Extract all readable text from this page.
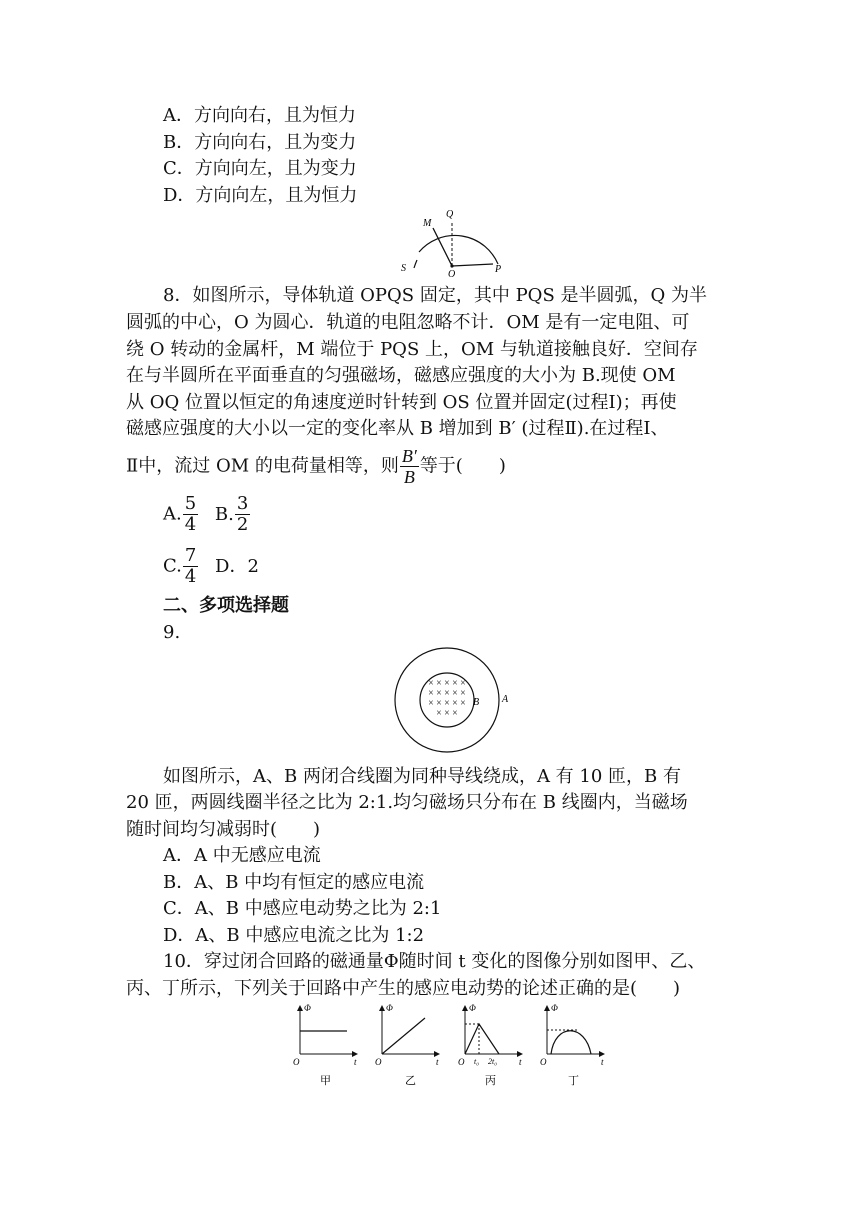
A．方向向右，且为恒力
B．方向向右，且为变力
C．方向向左，且为变力
D．方向向左，且为恒力
S
M
Q
O	P
8．如图所示，导体轨道 OPQS 固定，其中 PQS 是半圆弧，Q 为半
圆弧的中心，O 为圆心．轨道的电阻忽略不计．OM 是有一定电阻、可
绕 O 转动的金属杆，M 端位于 PQS 上，OM 与轨道接触良好．空间存
在与半圆所在平面垂直的匀强磁场，磁感应强度的大小为 B.现使 OM
从 OQ 位置以恒定的角速度逆时针转到 OS 位置并固定(过程Ⅰ)；再使
磁感应强度的大小以一定的变化率从 B 增加到 B′ (过程Ⅱ).在过程Ⅰ、
Ⅱ中，流过 OM 的电荷量相等，则 $\frac{B'}{B}$ 等于(　　)
A. $\frac{5}{4} B$. $\frac{3}{2}$
C. $\frac{7}{4}$ D．2
二、多项选择题
9.
× × × × ×
× × × × ×
× × × × ×
× × ×
B A
如图所示，A、B 两闭合线圈为同种导线绕成，A 有 10 匝，B 有
20 匝，两圆线圈半径之比为 2:1.均匀磁场只分布在 B 线圈内，当磁场
随时间均匀减弱时(　　)
A．A 中无感应电流
B．A、B 中均有恒定的感应电流
C．A、B 中感应电动势之比为 2:1
D．A、B 中感应电流之比为 1:2
10．穿过闭合回路的磁通量Φ随时间 t 变化的图像分别如图甲、乙、
丙、丁所示，下列关于回路中产生的感应电动势的论述正确的是(　　)
Φ
O	t
甲
Φ
O	t
乙
Φ
O t₀ 2t₀ t
丙
Φ
O	t
丁
